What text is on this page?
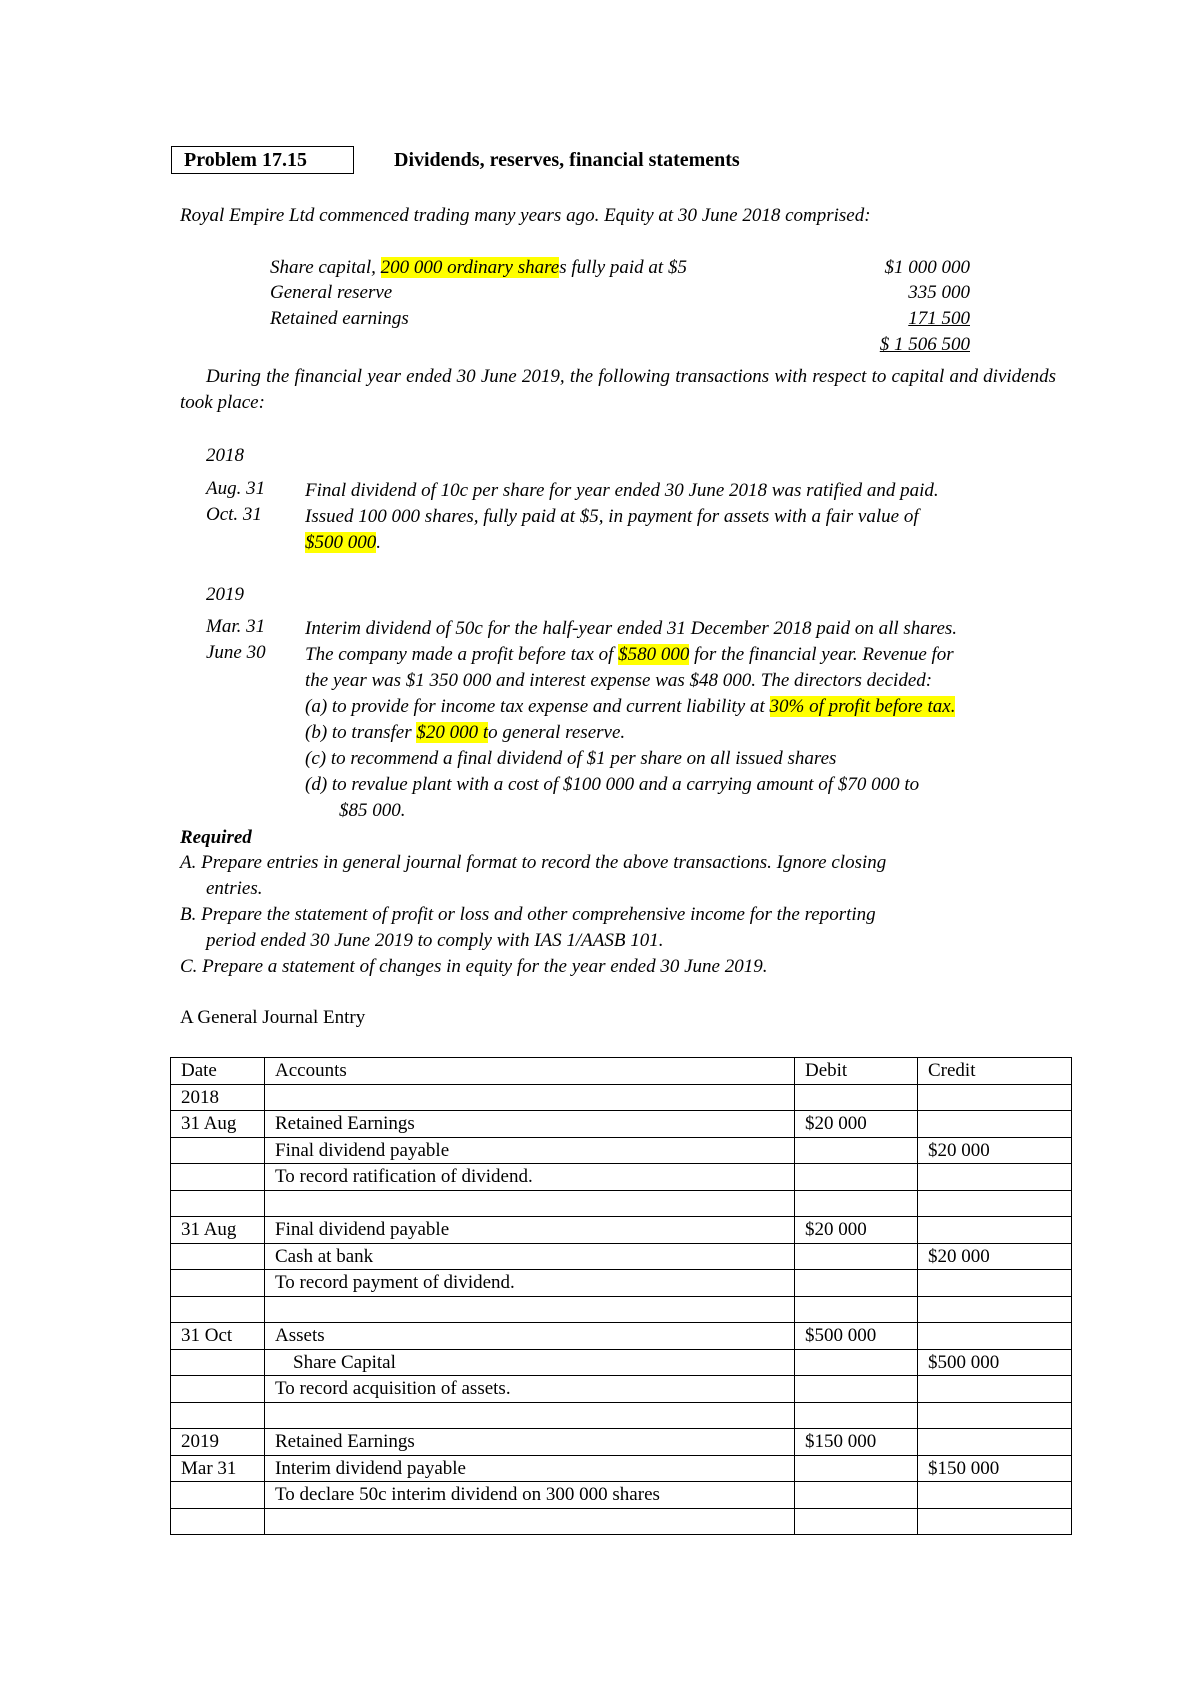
Problem 17.15	Dividends, reserves, financial statements
Royal Empire Ltd commenced trading many years ago. Equity at 30 June 2018 comprised:
Share capital, 200 000 ordinary shares fully paid at $5	$1 000 000
General reserve	335 000
Retained earnings	171 500
$ 1 506 500
During the financial year ended 30 June 2019, the following transactions with respect to capital and dividends took place:
2018
Aug. 31 Final dividend of 10c per share for year ended 30 June 2018 was ratified and paid.
Oct. 31 Issued 100 000 shares, fully paid at $5, in payment for assets with a fair value of
$500 000.
2019
Mar. 31 Interim dividend of 50c for the half-year ended 31 December 2018 paid on all shares.
June 30 The company made a profit before tax of $580 000 for the financial year. Revenue for
the year was $1 350 000 and interest expense was $48 000. The directors decided:
(a) to provide for income tax expense and current liability at 30% of profit before tax.
(b) to transfer $20 000 to general reserve.
(c) to recommend a final dividend of $1 per share on all issued shares
(d) to revalue plant with a cost of $100 000 and a carrying amount of $70 000 to
$85 000.
Required
A. Prepare entries in general journal format to record the above transactions. Ignore closing
entries.
B. Prepare the statement of profit or loss and other comprehensive income for the reporting
period ended 30 June 2019 to comply with IAS 1/AASB 101.
C. Prepare a statement of changes in equity for the year ended 30 June 2019.
A General Journal Entry
Date	Accounts	Debit	Credit
2018			
31 Aug	Retained Earnings	$20 000	
	Final dividend payable		$20 000
	To record ratification of dividend.		

31 Aug	Final dividend payable	$20 000	
	Cash at bank		$20 000
	To record payment of dividend.		

31 Oct	Assets	$500 000	
	Share Capital		$500 000
	To record acquisition of assets.		

2019	Retained Earnings	$150 000	
Mar 31	Interim dividend payable		$150 000
	To declare 50c interim dividend on 300 000 shares		
